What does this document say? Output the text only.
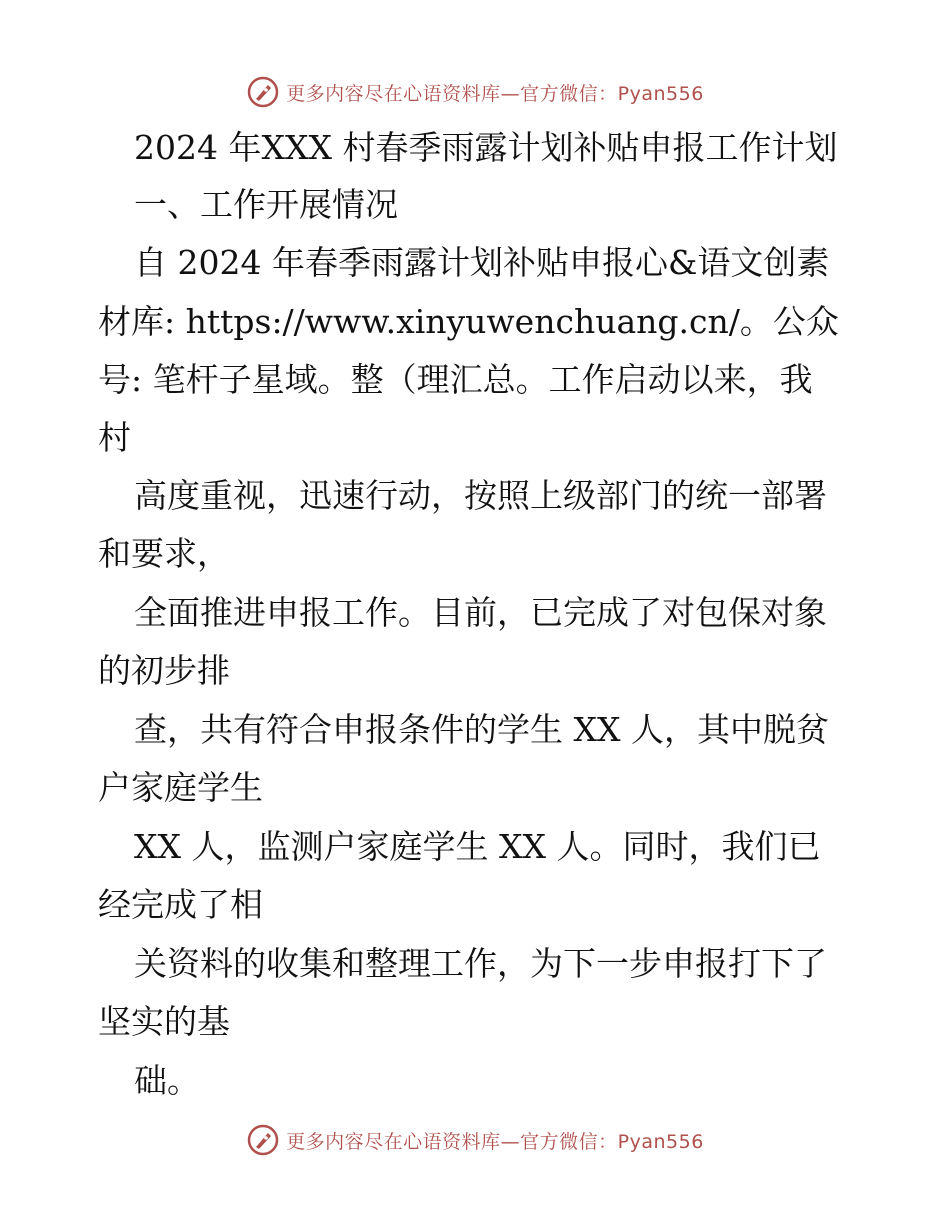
更多内容尽在心语资料库—官方微信：Pyan556
2024 年XXX 村春季雨露计划补贴申报工作计划
一、工作开展情况
自 2024 年春季雨露计划补贴申报心&语文创素
材库: https://www.xinyuwenchuang.cn/。公众
号: 笔杆子星域。整（理汇总。工作启动以来，我
村
高度重视，迅速行动，按照上级部门的统一部署
和要求，
全面推进申报工作。目前，已完成了对包保对象
的初步排
查，共有符合申报条件的学生 XX 人，其中脱贫
户家庭学生
XX 人，监测户家庭学生 XX 人。同时，我们已
经完成了相
关资料的收集和整理工作，为下一步申报打下了
坚实的基
础。
更多内容尽在心语资料库—官方微信：Pyan556
